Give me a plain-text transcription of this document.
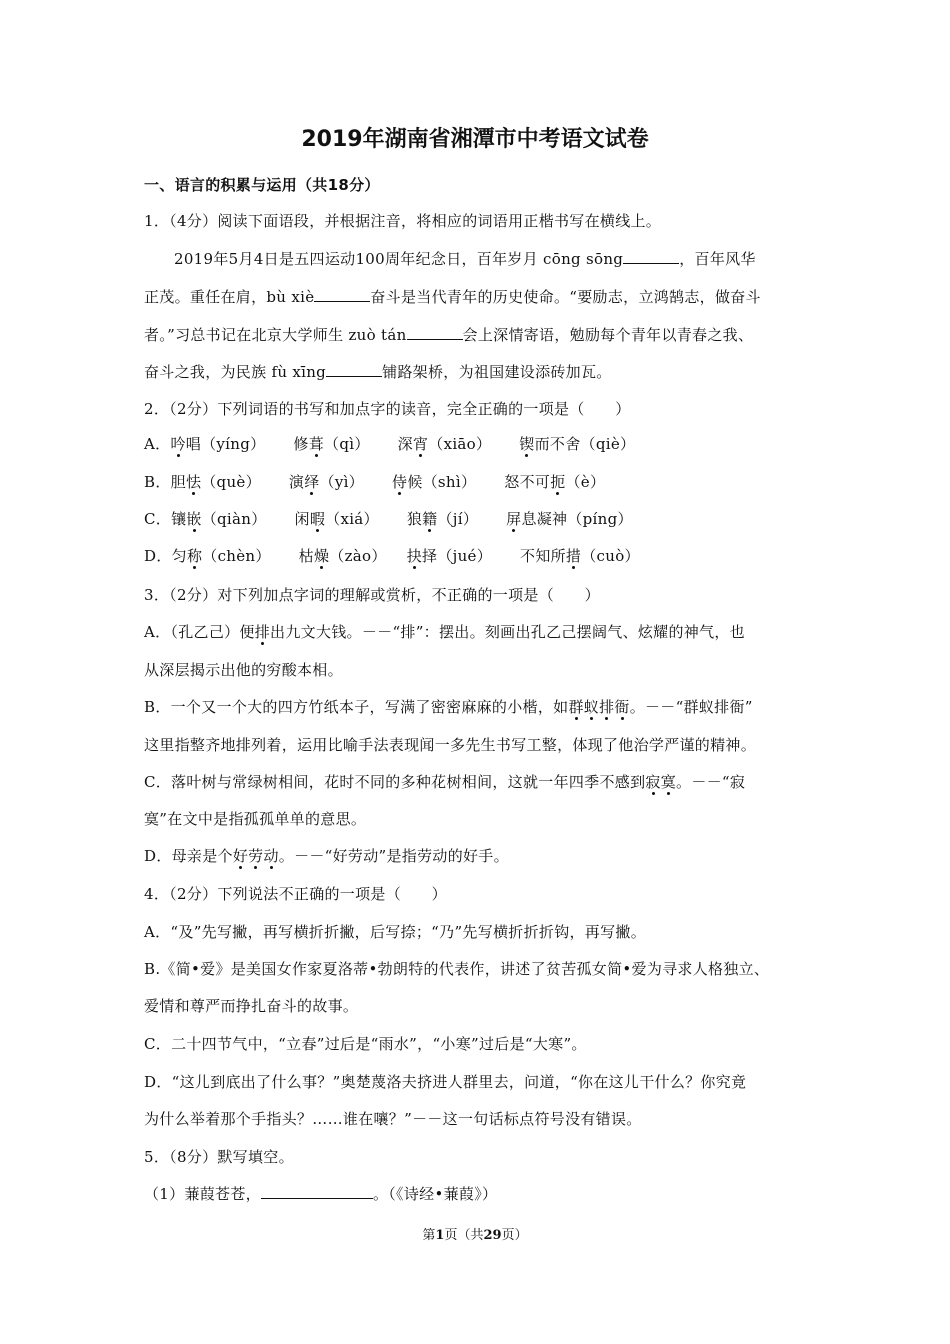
2019年湖南省湘潭市中考语文试卷
一、语言的积累与运用（共18分）
1．（4分）阅读下面语段，并根据注音，将相应的词语用正楷书写在横线上。
2019年5月4日是五四运动100周年纪念日，百年岁月 cōng sōng	，百年风华
正茂。重任在肩，bù xiè	奋斗是当代青年的历史使命。“要励志，立鸿鹄志，做奋斗
者。”习总书记在北京大学师生 zuò tán	会上深情寄语，勉励每个青年以青春之我、
奋斗之我，为民族 fù xīng	铺路架桥，为祖国建设添砖加瓦。
2．（2分）下列词语的书写和加点字的读音，完全正确的一项是（　　）
A．吟唱（yíng） 修葺（qì） 深宵（xiāo） 锲而不舍（qiè）
B．胆怯（què） 演绎（yì） 侍候（shì） 怒不可扼（è）
C．镶嵌（qiàn） 闲暇（xiá） 狼籍（jí） 屏息凝神（píng）
D．匀称（chèn） 枯燥（zào） 抉择（jué） 不知所措（cuò）
3．（2分）对下列加点字词的理解或赏析，不正确的一项是（　　）
A．（孔乙己）便排出九文大钱。－－“排”：摆出。刻画出孔乙己摆阔气、炫耀的神气，也
从深层揭示出他的穷酸本相。
B．一个又一个大的四方竹纸本子，写满了密密麻麻的小楷，如群蚁排衙。－－“群蚁排衙”
这里指整齐地排列着，运用比喻手法表现闻一多先生书写工整，体现了他治学严谨的精神。
C．落叶树与常绿树相间，花时不同的多种花树相间，这就一年四季不感到寂寞。－－“寂
寞”在文中是指孤孤单单的意思。
D．母亲是个好劳动。－－“好劳动”是指劳动的好手。
4．（2分）下列说法不正确的一项是（　　）
A．“及”先写撇，再写横折折撇，后写捺；“乃”先写横折折折钩，再写撇。
B.《简•爱》是美国女作家夏洛蒂•勃朗特的代表作，讲述了贫苦孤女简•爱为寻求人格独立、
爱情和尊严而挣扎奋斗的故事。
C．二十四节气中，“立春”过后是“雨水”，“小寒”过后是“大寒”。
D．“这儿到底出了什么事？”奥楚蔑洛夫挤进人群里去，问道，“你在这儿干什么？你究竟
为什么举着那个手指头？……谁在嚷？”－－这一句话标点符号没有错误。
5．（8分）默写填空。
（1）蒹葭苍苍，	。（《诗经•蒹葭》）
第1页（共29页）
